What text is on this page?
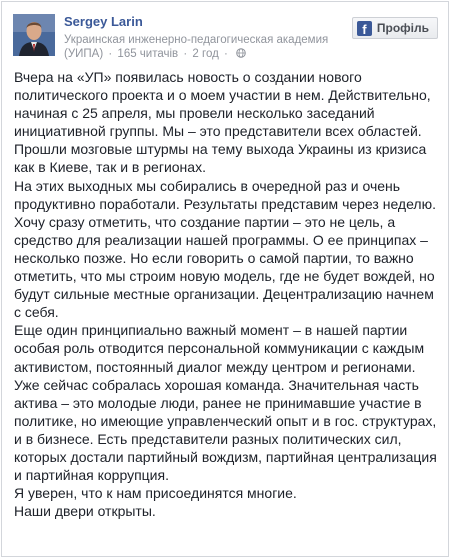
Sergey Larin
Украинская инженерно-педагогическая академия
(УИПА) · 165 читачів · 2 год ·
f Профіль

Вчера на «УП» появилась новость о создании нового политического проекта и о моем участии в нем. Действительно, начиная с 25 апреля, мы провели несколько заседаний инициативной группы. Мы – это представители всех областей. Прошли мозговые штурмы на тему выхода Украины из кризиса как в Киеве, так и в регионах.

На этих выходных мы собирались в очередной раз и очень продуктивно поработали. Результаты представим через неделю. Хочу сразу отметить, что создание партии – это не цель, а средство для реализации нашей программы. О ее принципах – несколько позже. Но если говорить о самой партии, то важно отметить, что мы строим новую модель, где не будет вождей, но будут сильные местные организации. Децентрализацию начнем с себя.

Еще один принципиально важный момент – в нашей партии особая роль отводится персональной коммуникации с каждым активистом, постоянный диалог между центром и регионами. Уже сейчас собралась хорошая команда. Значительная часть актива – это молодые люди, ранее не принимавшие участие в политике, но имеющие управленческий опыт и в гос. структурах, и в бизнесе. Есть представители разных политических сил, которых достали партийный вождизм, партийная централизация и партийная коррупция.

Я уверен, что к нам присоединятся многие.

Наши двери открыты.
